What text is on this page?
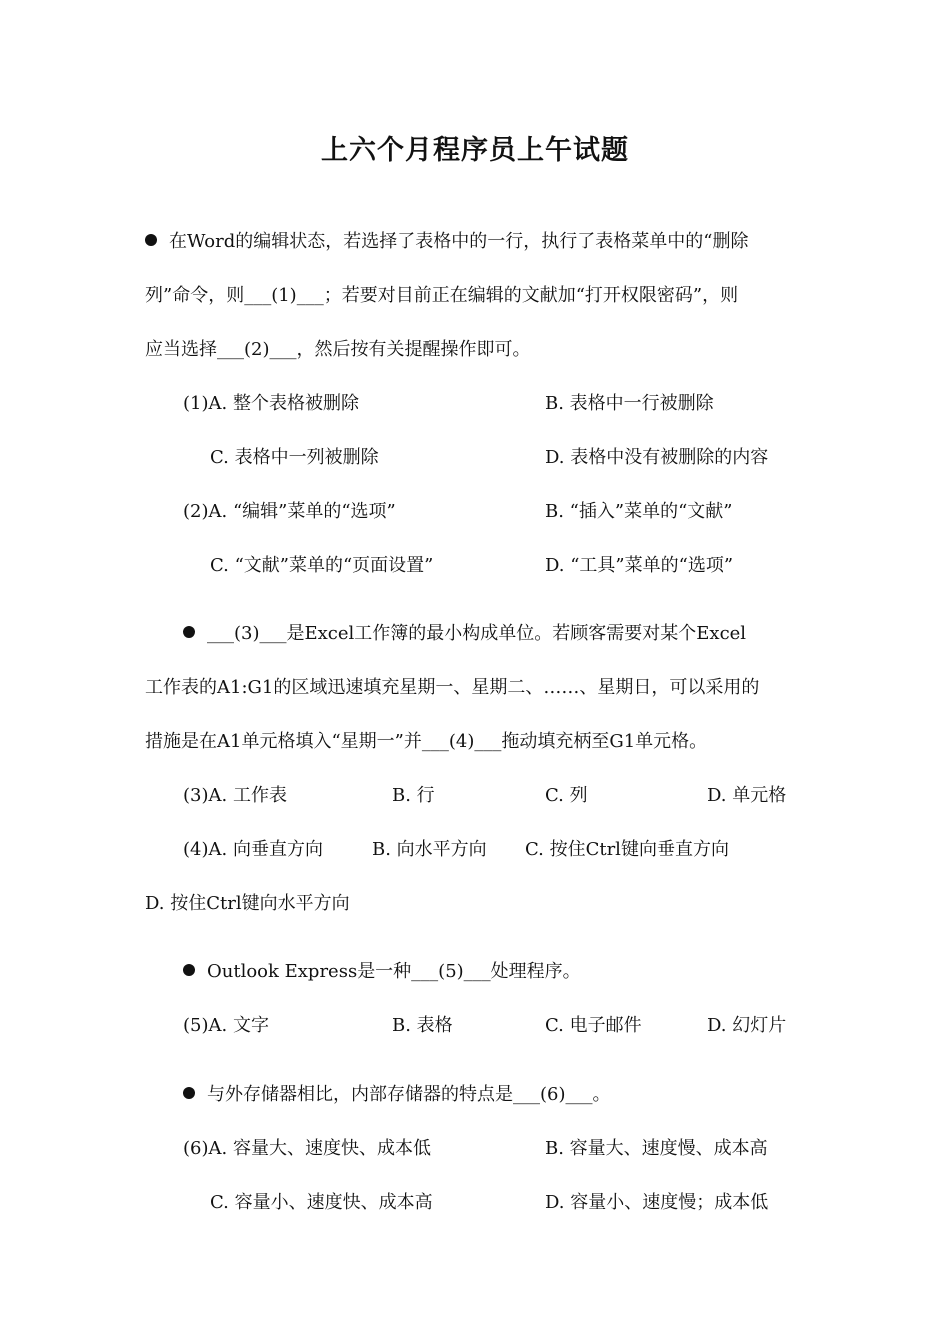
上六个月程序员上午试题
在Word的编辑状态，若选择了表格中的一行，执行了表格菜单中的“删除
列”命令，则___(1)___；若要对目前正在编辑的文献加“打开权限密码”，则
应当选择___(2)___，然后按有关提醒操作即可。
(1)A. 整个表格被删除	B. 表格中一行被删除
C. 表格中一列被删除	D. 表格中没有被删除的内容
(2)A. “编辑”菜单的“选项”	B. “插入”菜单的“文献”
C. “文献”菜单的“页面设置”	D. “工具”菜单的“选项”
___(3)___是Excel工作簿的最小构成单位。若顾客需要对某个Excel
工作表的A1:G1的区域迅速填充星期一、星期二、……、星期日，可以采用的
措施是在A1单元格填入“星期一”并___(4)___拖动填充柄至G1单元格。
(3)A. 工作表	B. 行	C. 列	D. 单元格
(4)A. 向垂直方向	B. 向水平方向 C. 按住Ctrl键向垂直方向
D. 按住Ctrl键向水平方向
Outlook Express是一种___(5)___处理程序。
(5)A. 文字	B. 表格	C. 电子邮件	D. 幻灯片
与外存储器相比，内部存储器的特点是___(6)___。
(6)A. 容量大、速度快、成本低	B. 容量大、速度慢、成本高
C. 容量小、速度快、成本高	D. 容量小、速度慢；成本低
